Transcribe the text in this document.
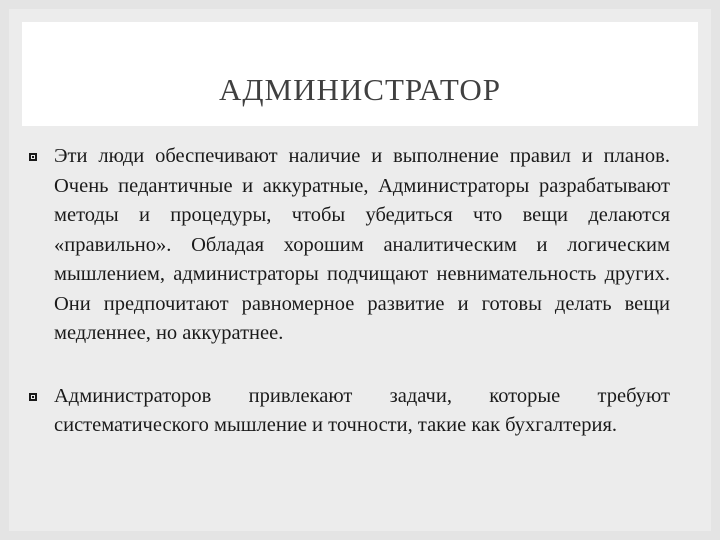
АДМИНИСТРАТОР

Эти люди обеспечивают наличие и выполнение правил и планов. Очень педантичные и аккуратные, Администраторы разрабатывают методы и процедуры, чтобы убедиться что вещи делаются «правильно». Обладая хорошим аналитическим и логическим мышлением, администраторы подчищают невнимательность других. Они предпочитают равномерное развитие и готовы делать вещи медленнее, но аккуратнее.

Администраторов привлекают задачи, которые требуют систематического мышление и точности, такие как бухгалтерия.
